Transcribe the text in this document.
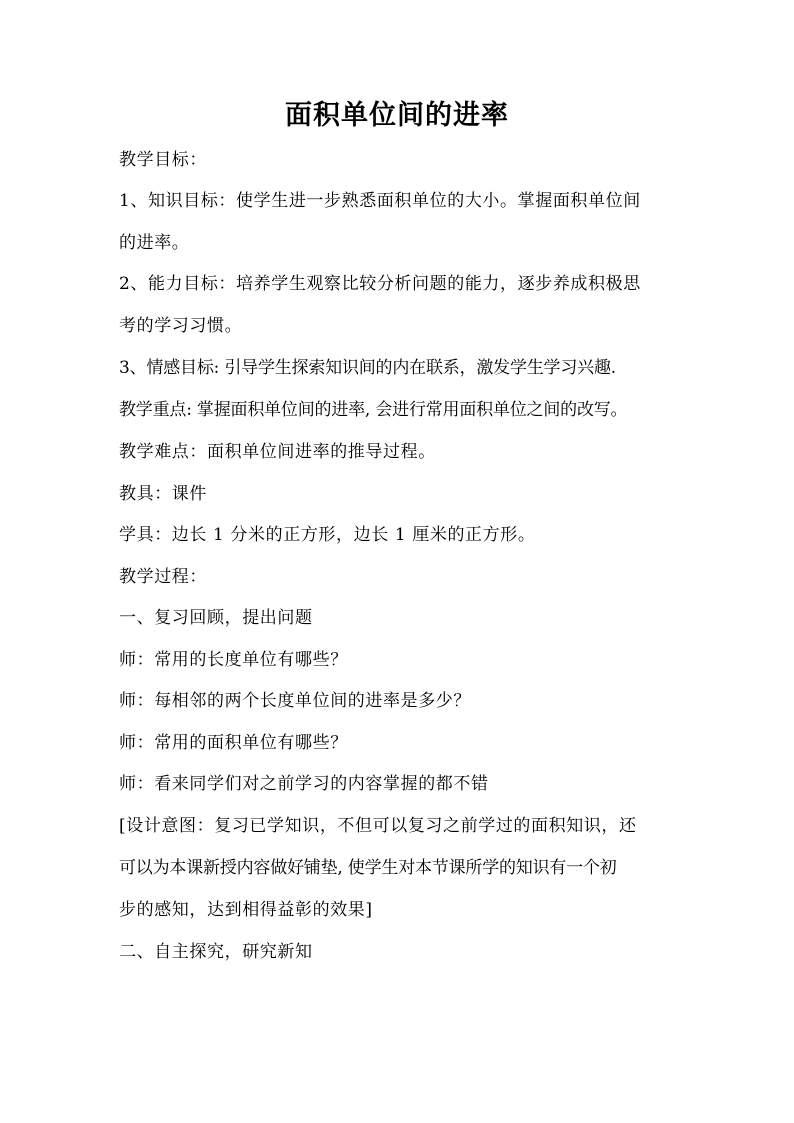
面积单位间的进率
教学目标：
1、知识目标：使学生进一步熟悉面积单位的大小。掌握面积单位间
的进率。
2、能力目标：培养学生观察比较分析问题的能力，逐步养成积极思
考的学习习惯。
3、情感目标: 引导学生探索知识间的内在联系，激发学生学习兴趣.
教学重点: 掌握面积单位间的进率, 会进行常用面积单位之间的改写。
教学难点：面积单位间进率的推导过程。
教具：课件
学具：边长 1 分米的正方形，边长 1 厘米的正方形。
教学过程：
一、复习回顾，提出问题
师：常用的长度单位有哪些？
师：每相邻的两个长度单位间的进率是多少？
师：常用的面积单位有哪些？
师：看来同学们对之前学习的内容掌握的都不错
[设计意图：复习已学知识，不但可以复习之前学过的面积知识，还
可以为本课新授内容做好铺垫, 使学生对本节课所学的知识有一个初
步的感知，达到相得益彰的效果]
二、自主探究，研究新知
